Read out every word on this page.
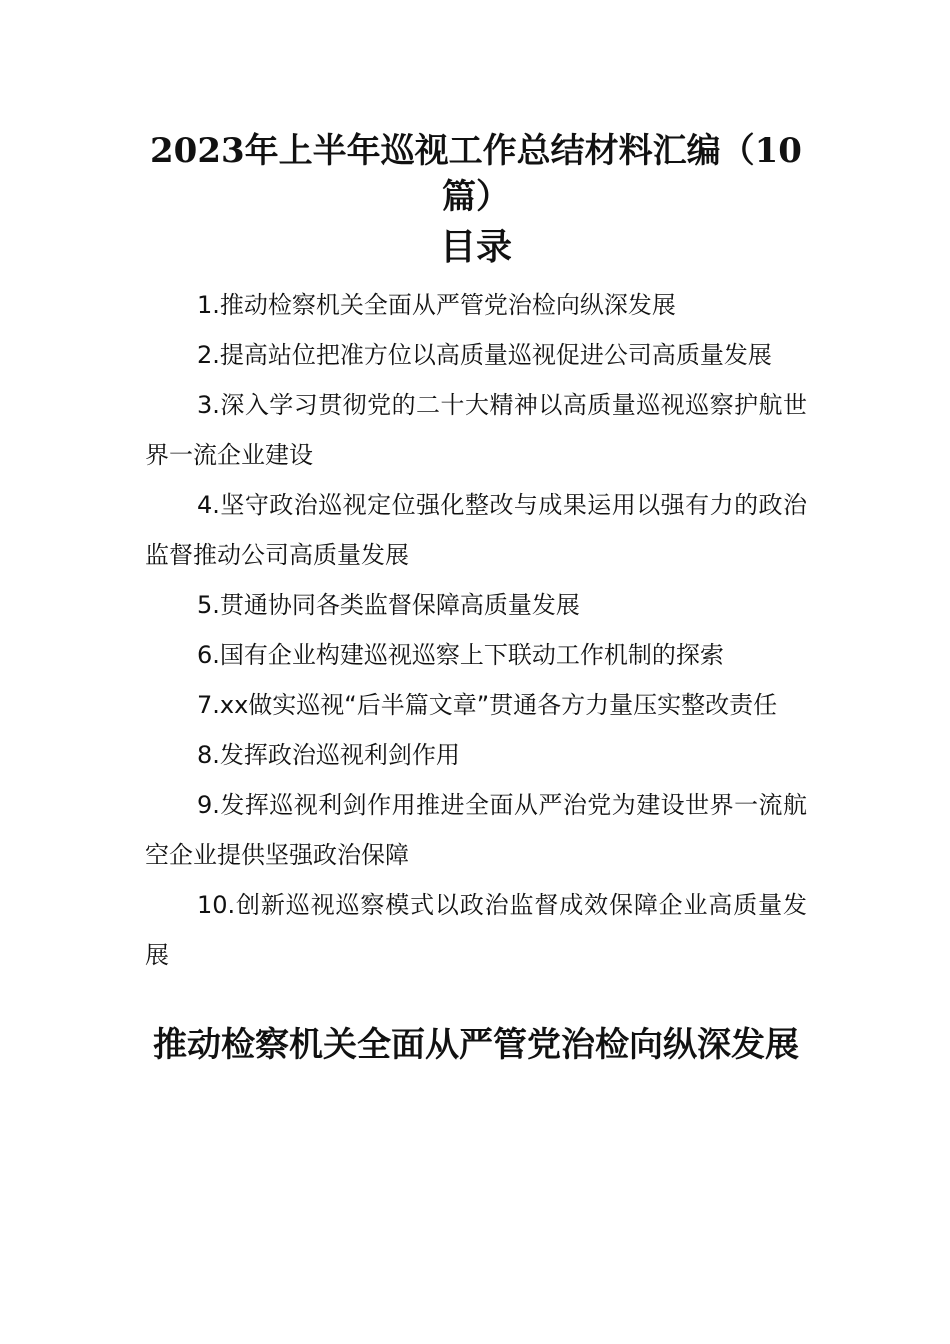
2023年上半年巡视工作总结材料汇编（10篇）
目录
1.推动检察机关全面从严管党治检向纵深发展
2.提高站位把准方位以高质量巡视促进公司高质量发展
3.深入学习贯彻党的二十大精神以高质量巡视巡察护航世界一流企业建设
4.坚守政治巡视定位强化整改与成果运用以强有力的政治监督推动公司高质量发展
5.贯通协同各类监督保障高质量发展
6.国有企业构建巡视巡察上下联动工作机制的探索
7.xx做实巡视“后半篇文章”贯通各方力量压实整改责任
8.发挥政治巡视利剑作用
9.发挥巡视利剑作用推进全面从严治党为建设世界一流航空企业提供坚强政治保障
10.创新巡视巡察模式以政治监督成效保障企业高质量发展
推动检察机关全面从严管党治检向纵深发展
